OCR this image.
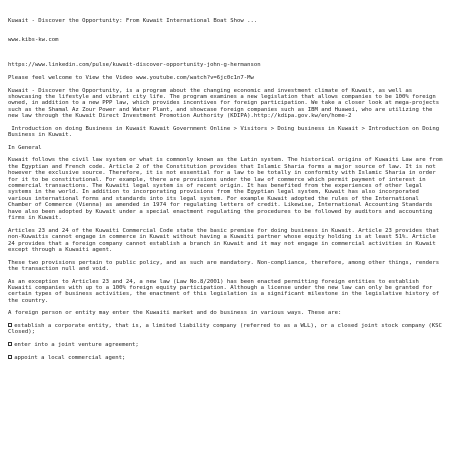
Kuwait - Discover the Opportunity: From Kuwait International Boat Show ...

www.kibs-kw.com

https://www.linkedin.com/pulse/kuwait-discover-opportunity-john-g-hermanson
Please feel welcome to View the Video www.youtube.com/watch?v=6jc0c1n7-Mw
Kuwait - Discover the Opportunity, is a program about the changing economic and investment climate of Kuwait, as well as showcasing the lifestyle and vibrant city life. The program examines a new legislation that allows companies to be 100% foreign owned, in addition to a new PPP law, which provides incentives for foreign participation. We take a closer look at mega-projects such as the Shamal Az Zour Power and Water Plant, and showcase foreign companies such as IBM and Huawei, who are utilizing the new law through the Kuwait Direct Investment Promotion Authority (KDIPA).http://kdipa.gov.kw/en/home-2
Introduction on doing Business in Kuwait Kuwait Government Online > Visitors > Doing business in Kuwait > Introduction on Doing Business in Kuwait.
In General
Kuwait follows the civil law system or what is commonly known as the Latin system. The historical origins of Kuwaiti Law are from the Egyptian and French code. Article 2 of the Constitution provides that Islamic Sharia forms a major source of law. It is not however the exclusive source. Therefore, it is not essential for a law to be totally in conformity with Islamic Sharia in order for it to be constitutional. For example, there are provisions under the law of commerce which permit payment of interest in commercial transactions. The Kuwaiti legal system is of recent origin. It has benefited from the experiences of other legal systems in the world. In addition to incorporating provisions from the Egyptian legal system, Kuwait has also incorporated various international forms and standards into its legal system. For example Kuwait adopted the rules of the International Chamber of Commerce (Vienna) as amended in 1974 for regulating letters of credit. Likewise, International Accounting Standards have also been adopted by Kuwait under a special enactment regulating the procedures to be followed by auditors and accounting firms in Kuwait.
Articles 23 and 24 of the Kuwaiti Commercial Code state the basic premise for doing business in Kuwait. Article 23 provides that non-Kuwaitis cannot engage in commerce in Kuwait without having a Kuwaiti partner whose equity holding is at least 51%. Article 24 provides that a foreign company cannot establish a branch in Kuwait and it may not engage in commercial activities in Kuwait except through a Kuwaiti agent.
These two provisions pertain to public policy, and as such are mandatory. Non-compliance, therefore, among other things, renders the transaction null and void.
As an exception to Articles 23 and 24, a new law (Law No.8/2001) has been enacted permitting foreign entities to establish Kuwaiti companies with up to a 100% foreign equity participation. Although a license under the new law can only be granted for certain types of business activities, the enactment of this legislation is a significant milestone in the legislative history of the country.
A foreign person or entity may enter the Kuwaiti market and do business in various ways. These are:
establish a corporate entity, that is, a limited liability company (referred to as a WLL), or a closed joint stock company (KSC   Closed);
enter into a joint venture agreement;
appoint a local commercial agent;
